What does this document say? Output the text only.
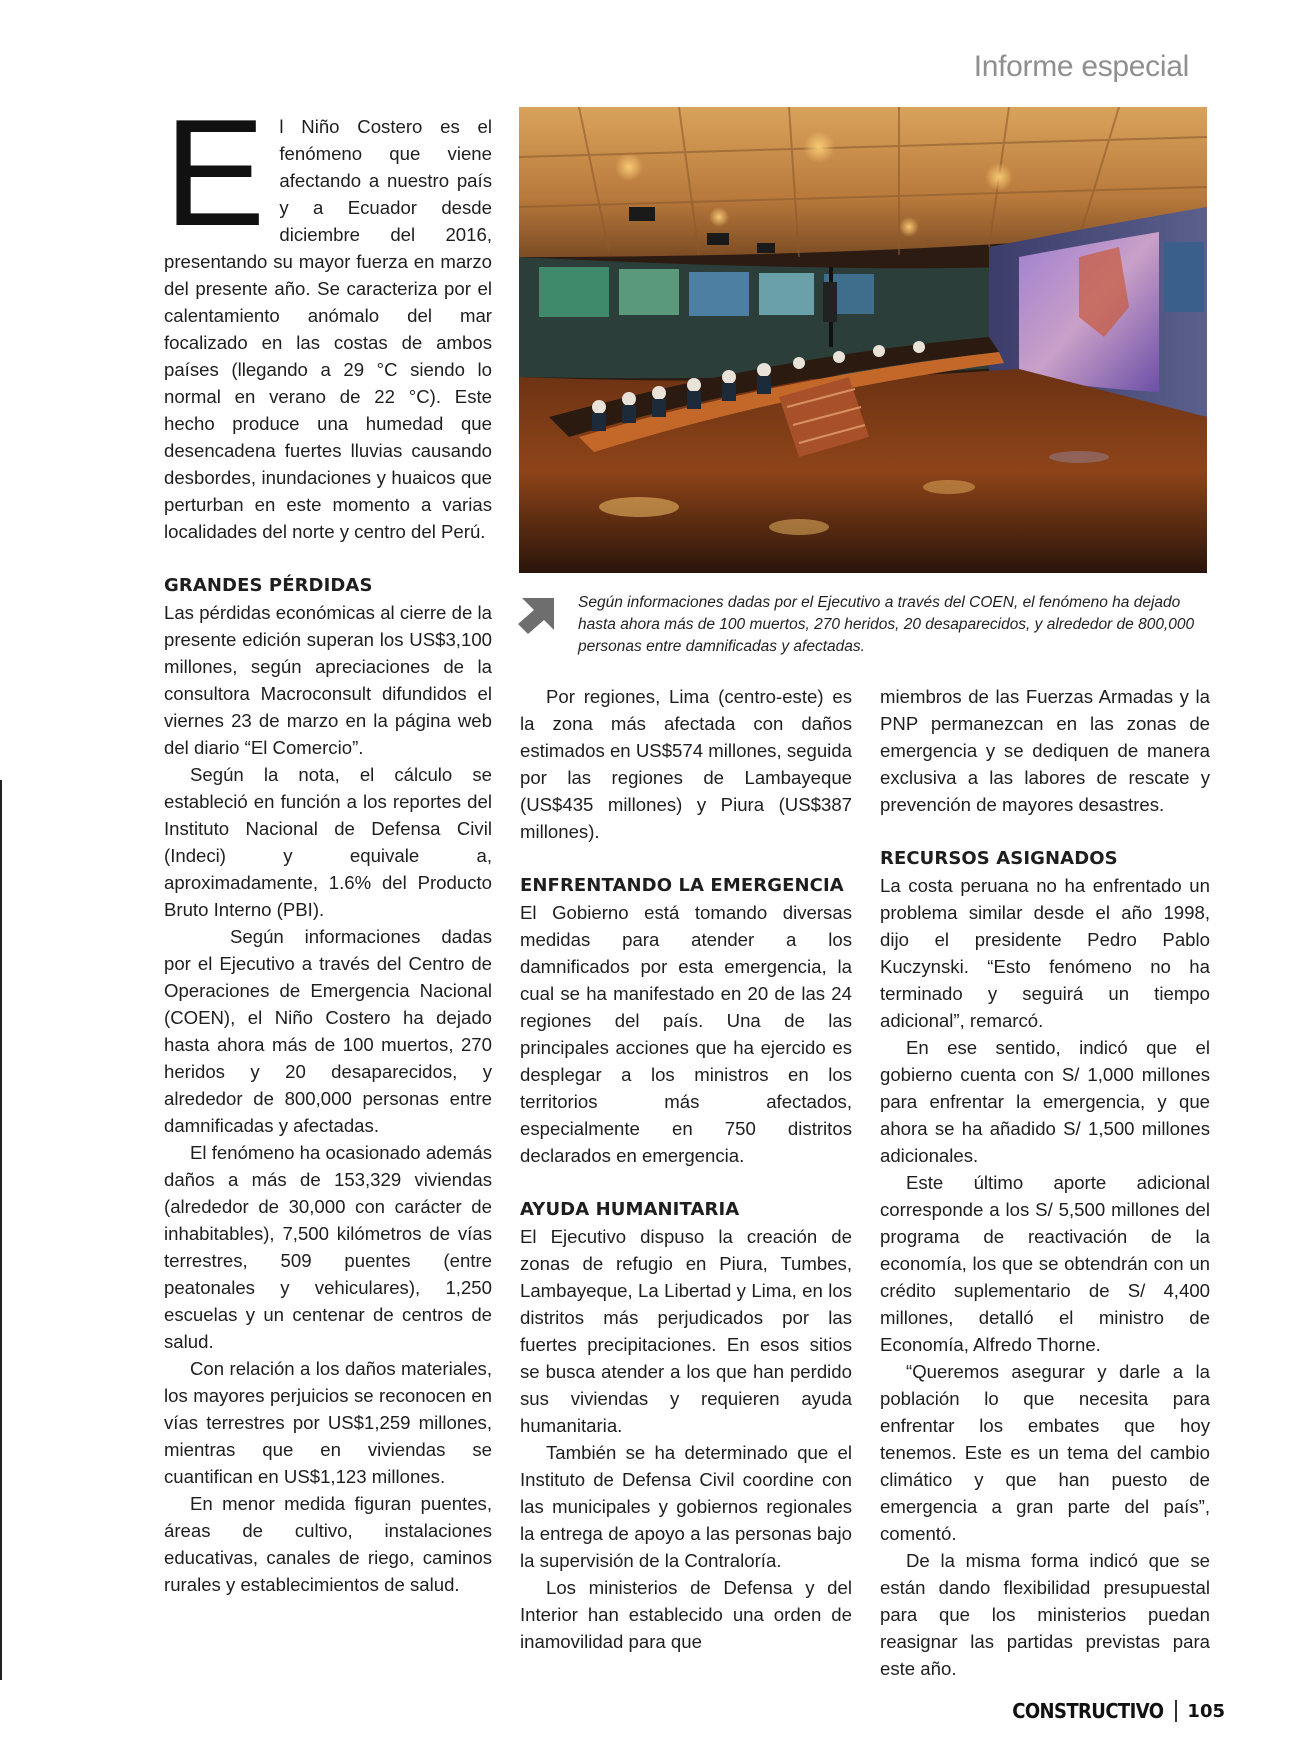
Informe especial

El Niño Costero es el fenómeno que viene afectando a nuestro país y a Ecuador desde diciembre del 2016, presentando su mayor fuerza en marzo del presente año. Se caracteriza por el calentamiento anómalo del mar focalizado en las costas de ambos países (llegando a 29 °C siendo lo normal en verano de 22 °C). Este hecho produce una humedad que desencadena fuertes lluvias causando desbordes, inundaciones y huaicos que perturban en este momento a varias localidades del norte y centro del Perú.

GRANDES PÉRDIDAS

Las pérdidas económicas al cierre de la presente edición superan los US$3,100 millones, según apreciaciones de la consultora Macroconsult difundidos el viernes 23 de marzo en la página web del diario “El Comercio”.

Según la nota, el cálculo se estableció en función a los reportes del Instituto Nacional de Defensa Civil (Indeci) y equivale a, aproximadamente, 1.6% del Producto Bruto Interno (PBI).

Según informaciones dadas por el Ejecutivo a través del Centro de Operaciones de Emergencia Nacional (COEN), el Niño Costero ha dejado hasta ahora más de 100 muertos, 270 heridos y 20 desaparecidos, y alrededor de 800,000 personas entre damnificadas y afectadas.

El fenómeno ha ocasionado además daños a más de 153,329 viviendas (alrededor de 30,000 con carácter de inhabitables), 7,500 kilómetros de vías terrestres, 509 puentes (entre peatonales y vehiculares), 1,250 escuelas y un centenar de centros de salud.

Con relación a los daños materiales, los mayores perjuicios se reconocen en vías terrestres por US$1,259 millones, mientras que en viviendas se cuantifican en US$1,123 millones.

En menor medida figuran puentes, áreas de cultivo, instalaciones educativas, canales de riego, caminos rurales y establecimientos de salud.

Según informaciones dadas por el Ejecutivo a través del COEN, el fenómeno ha dejado hasta ahora más de 100 muertos, 270 heridos, 20 desaparecidos, y alrededor de 800,000 personas entre damnificadas y afectadas.

Por regiones, Lima (centro-este) es la zona más afectada con daños estimados en US$574 millones, seguida por las regiones de Lambayeque (US$435 millones) y Piura (US$387 millones).

ENFRENTANDO LA EMERGENCIA

El Gobierno está tomando diversas medidas para atender a los damnificados por esta emergencia, la cual se ha manifestado en 20 de las 24 regiones del país. Una de las principales acciones que ha ejercido es desplegar a los ministros en los territorios más afectados, especialmente en 750 distritos declarados en emergencia.

AYUDA HUMANITARIA

El Ejecutivo dispuso la creación de zonas de refugio en Piura, Tumbes, Lambayeque, La Libertad y Lima, en los distritos más perjudicados por las fuertes precipitaciones. En esos sitios se busca atender a los que han perdido sus viviendas y requieren ayuda humanitaria.

También se ha determinado que el Instituto de Defensa Civil coordine con las municipales y gobiernos regionales la entrega de apoyo a las personas bajo la supervisión de la Contraloría.

Los ministerios de Defensa y del Interior han establecido una orden de inamovilidad para que

miembros de las Fuerzas Armadas y la PNP permanezcan en las zonas de emergencia y se dediquen de manera exclusiva a las labores de rescate y prevención de mayores desastres.

RECURSOS ASIGNADOS

La costa peruana no ha enfrentado un problema similar desde el año 1998, dijo el presidente Pedro Pablo Kuczynski. “Esto fenómeno no ha terminado y seguirá un tiempo adicional”, remarcó.

En ese sentido, indicó que el gobierno cuenta con S/ 1,000 millones para enfrentar la emergencia, y que ahora se ha añadido S/ 1,500 millones adicionales.

Este último aporte adicional corresponde a los S/ 5,500 millones del programa de reactivación de la economía, los que se obtendrán con un crédito suplementario de S/ 4,400 millones, detalló el ministro de Economía, Alfredo Thorne.

“Queremos asegurar y darle a la población lo que necesita para enfrentar los embates que hoy tenemos. Este es un tema del cambio climático y que han puesto de emergencia a gran parte del país”, comentó.

De la misma forma indicó que se están dando flexibilidad presupuestal para que los ministerios puedan reasignar las partidas previstas para este año.

CONSTRUCTIVO 105
